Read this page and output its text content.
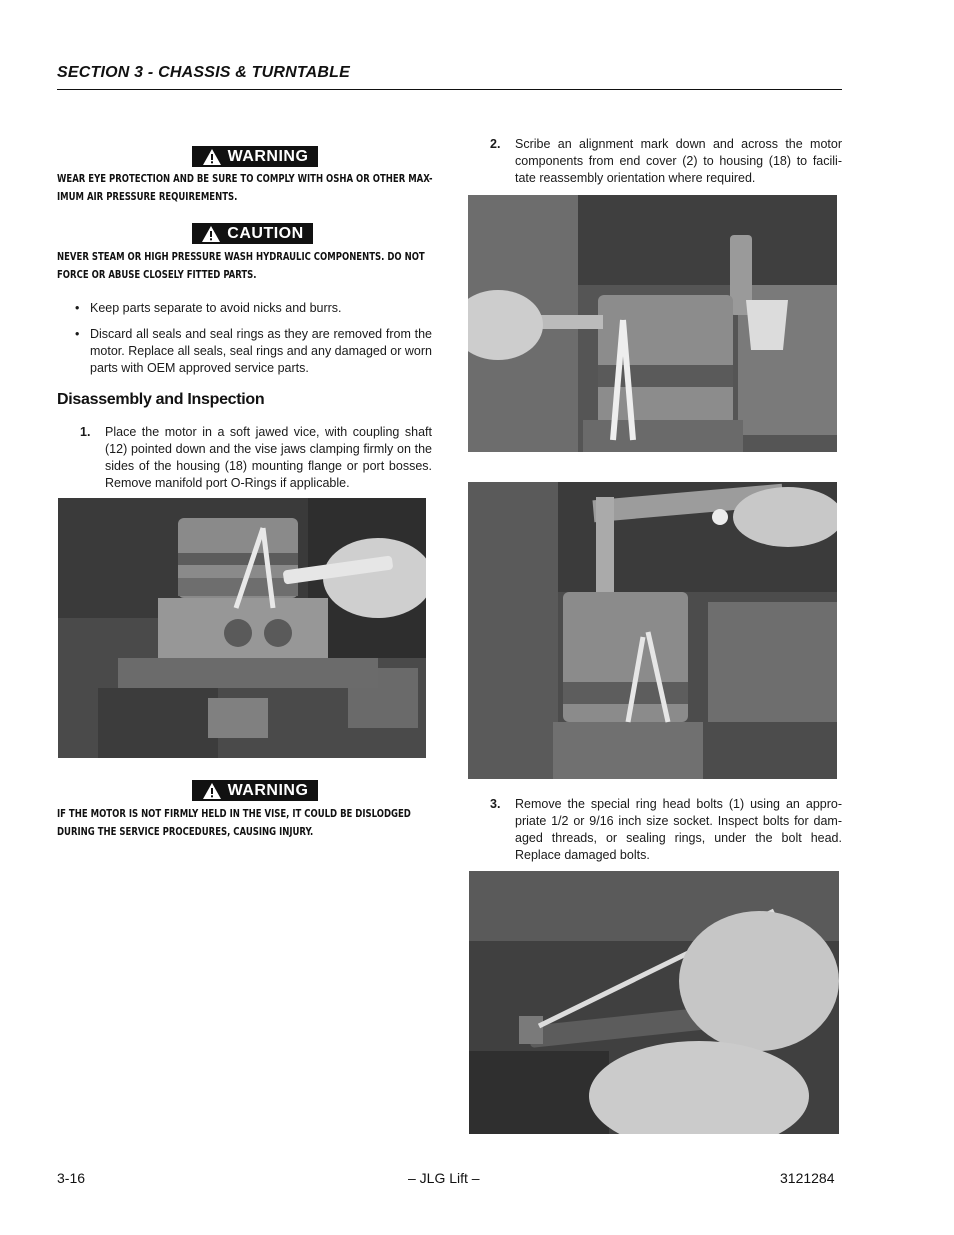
SECTION 3 - CHASSIS & TURNTABLE
WARNING
WEAR EYE PROTECTION AND BE SURE TO COMPLY WITH OSHA OR OTHER MAX-IMUM AIR PRESSURE REQUIREMENTS.
CAUTION
NEVER STEAM OR HIGH PRESSURE WASH HYDRAULIC COMPONENTS. DO NOT FORCE OR ABUSE CLOSELY FITTED PARTS.
• Keep parts separate to avoid nicks and burrs.
• Discard all seals and seal rings as they are removed from the motor. Replace all seals, seal rings and any damaged or worn parts with OEM approved service parts.
Disassembly and Inspection
1. Place the motor in a soft jawed vice, with coupling shaft (12) pointed down and the vise jaws clamping firmly on the sides of the housing (18) mounting flange or port bosses. Remove manifold port O-Rings if applicable.
WARNING
IF THE MOTOR IS NOT FIRMLY HELD IN THE VISE, IT COULD BE DISLODGED DURING THE SERVICE PROCEDURES, CAUSING INJURY.
2. Scribe an alignment mark down and across the motor components from end cover (2) to housing (18) to facili-tate reassembly orientation where required.
3. Remove the special ring head bolts (1) using an appro-priate 1/2 or 9/16 inch size socket. Inspect bolts for dam-aged threads, or sealing rings, under the bolt head. Replace damaged bolts.
3-16	– JLG Lift –	3121284
